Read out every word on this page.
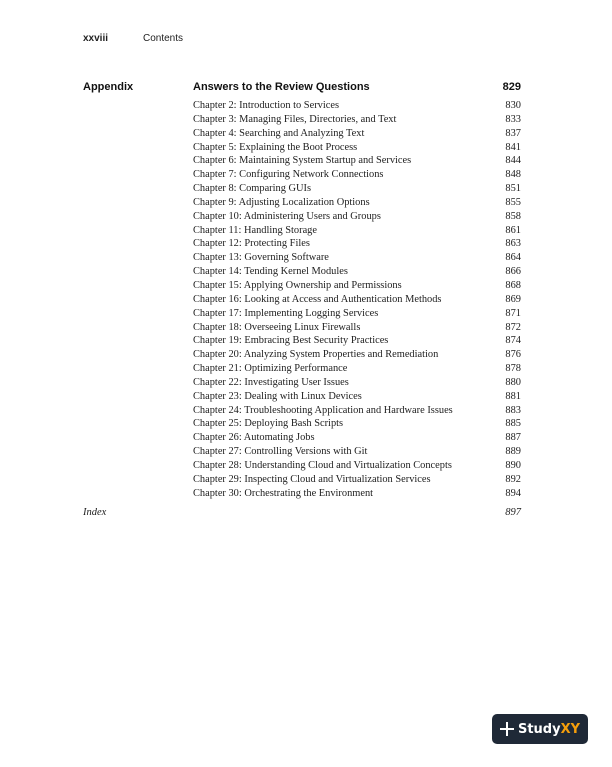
xxviii	Contents
Appendix	Answers to the Review Questions	829
Chapter 2: Introduction to Services	830
Chapter 3: Managing Files, Directories, and Text	833
Chapter 4: Searching and Analyzing Text	837
Chapter 5: Explaining the Boot Process	841
Chapter 6: Maintaining System Startup and Services	844
Chapter 7: Configuring Network Connections	848
Chapter 8: Comparing GUIs	851
Chapter 9: Adjusting Localization Options	855
Chapter 10: Administering Users and Groups	858
Chapter 11: Handling Storage	861
Chapter 12: Protecting Files	863
Chapter 13: Governing Software	864
Chapter 14: Tending Kernel Modules	866
Chapter 15: Applying Ownership and Permissions	868
Chapter 16: Looking at Access and Authentication Methods	869
Chapter 17: Implementing Logging Services	871
Chapter 18: Overseeing Linux Firewalls	872
Chapter 19: Embracing Best Security Practices	874
Chapter 20: Analyzing System Properties and Remediation	876
Chapter 21: Optimizing Performance	878
Chapter 22: Investigating User Issues	880
Chapter 23: Dealing with Linux Devices	881
Chapter 24: Troubleshooting Application and Hardware Issues	883
Chapter 25: Deploying Bash Scripts	885
Chapter 26: Automating Jobs	887
Chapter 27: Controlling Versions with Git	889
Chapter 28: Understanding Cloud and Virtualization Concepts	890
Chapter 29: Inspecting Cloud and Virtualization Services	892
Chapter 30: Orchestrating the Environment	894
Index	897
StudyXY
